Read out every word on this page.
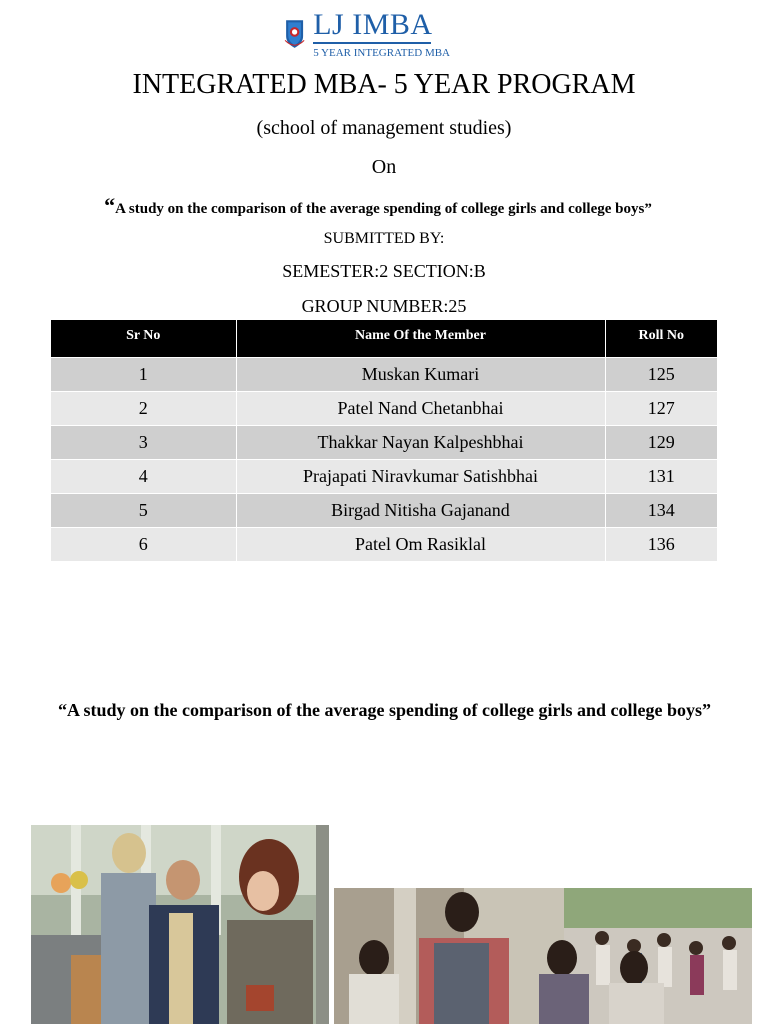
LJ IMBA
5 YEAR INTEGRATED MBA
INTEGRATED MBA- 5 YEAR PROGRAM
(school of management studies)
On
“A study on the comparison of the average spending of college girls and college boys”
SUBMITTED BY:
SEMESTER:2 SECTION:B
GROUP NUMBER:25
Sr No	Name Of the Member	Roll No
1	Muskan Kumari	125
2	Patel Nand Chetanbhai	127
3	Thakkar Nayan Kalpeshbhai	129
4	Prajapati Niravkumar Satishbhai	131
5	Birgad Nitisha Gajanand	134
6	Patel Om Rasiklal	136
“A study on the comparison of the average spending of college girls and college boys”
